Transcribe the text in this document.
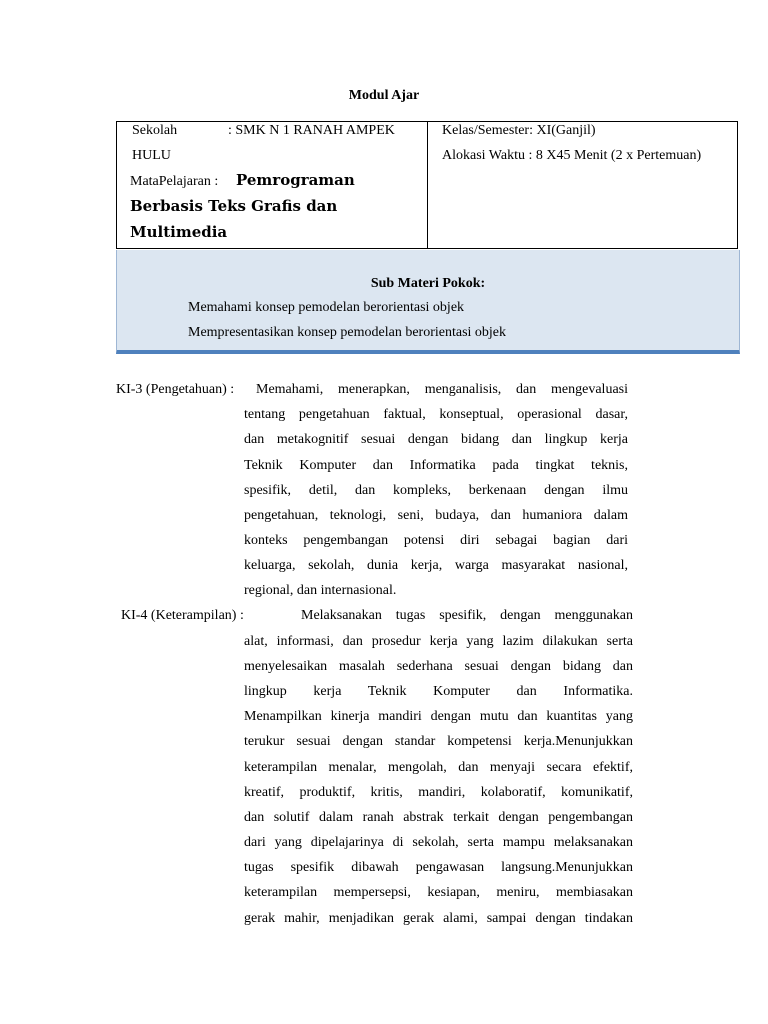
Modul Ajar
Sekolah	: SMK N 1 RANAH AMPEK
HULU
MataPelajaran : Pemrograman
Berbasis Teks Grafis dan
Multimedia
Kelas/Semester: XI(Ganjil)
Alokasi Waktu : 8 X45 Menit (2 x Pertemuan)
Sub Materi Pokok:
Memahami konsep pemodelan berorientasi objek
Mempresentasikan konsep pemodelan berorientasi objek
KI-3 (Pengetahuan) : Memahami, menerapkan, menganalisis, dan mengevaluasi
tentang pengetahuan faktual, konseptual, operasional dasar,
dan metakognitif sesuai dengan bidang dan lingkup kerja
Teknik Komputer dan Informatika pada tingkat teknis,
spesifik, detil, dan kompleks, berkenaan dengan ilmu
pengetahuan, teknologi, seni, budaya, dan humaniora dalam
konteks pengembangan potensi diri sebagai bagian dari
keluarga, sekolah, dunia kerja, warga masyarakat nasional,
regional, dan internasional.
KI-4 (Keterampilan) :	Melaksanakan tugas spesifik, dengan menggunakan
alat, informasi, dan prosedur kerja yang lazim dilakukan serta
menyelesaikan masalah sederhana sesuai dengan bidang dan
lingkup kerja Teknik Komputer dan Informatika.
Menampilkan kinerja mandiri dengan mutu dan kuantitas yang
terukur sesuai dengan standar kompetensi kerja.Menunjukkan
keterampilan menalar, mengolah, dan menyaji secara efektif,
kreatif, produktif, kritis, mandiri, kolaboratif, komunikatif,
dan solutif dalam ranah abstrak terkait dengan pengembangan
dari yang dipelajarinya di sekolah, serta mampu melaksanakan
tugas spesifik dibawah pengawasan langsung.Menunjukkan
keterampilan mempersepsi, kesiapan, meniru, membiasakan
gerak mahir, menjadikan gerak alami, sampai dengan tindakan
